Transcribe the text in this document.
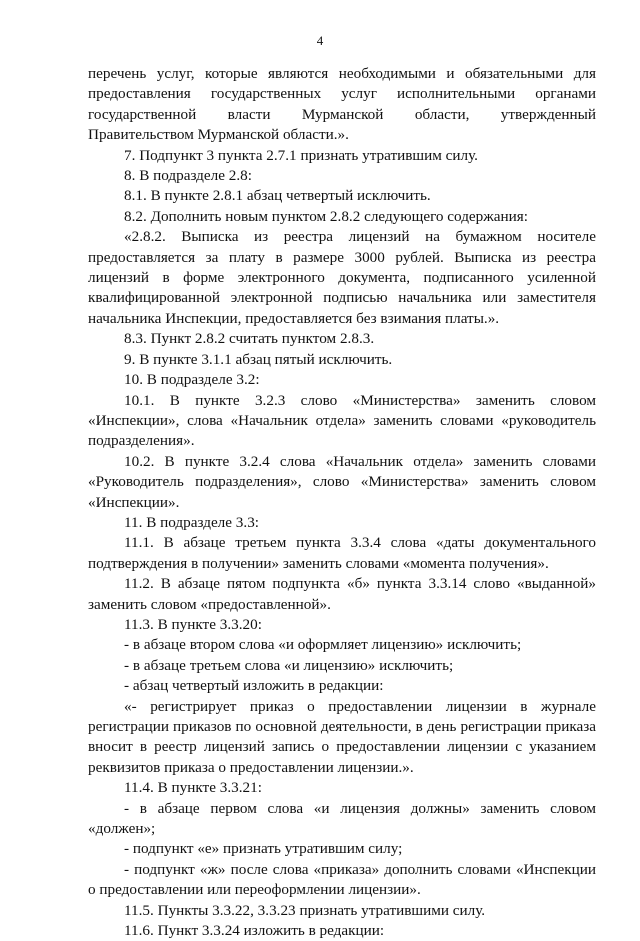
4
перечень услуг, которые являются необходимыми и обязательными для
предоставления государственных услуг исполнительными органами
государственной власти Мурманской области, утвержденный
Правительством Мурманской области.».
7. Подпункт 3 пункта 2.7.1 признать утратившим силу.
8. В подразделе 2.8:
8.1. В пункте 2.8.1 абзац четвертый исключить.
8.2. Дополнить новым пунктом 2.8.2 следующего содержания:
«2.8.2. Выписка из реестра лицензий на бумажном носителе
предоставляется за плату в размере 3000 рублей. Выписка из реестра
лицензий в форме электронного документа, подписанного усиленной
квалифицированной электронной подписью начальника или заместителя
начальника Инспекции, предоставляется без взимания платы.».
8.3. Пункт 2.8.2 считать пунктом 2.8.3.
9. В пункте 3.1.1 абзац пятый исключить.
10. В подразделе 3.2:
10.1. В пункте 3.2.3 слово «Министерства» заменить словом
«Инспекции», слова «Начальник отдела» заменить словами «руководитель
подразделения».
10.2. В пункте 3.2.4 слова «Начальник отдела» заменить словами
«Руководитель подразделения», слово «Министерства» заменить словом
«Инспекции».
11. В подразделе 3.3:
11.1. В абзаце третьем пункта 3.3.4 слова «даты документального
подтверждения в получении» заменить словами «момента получения».
11.2. В абзаце пятом подпункта «б» пункта 3.3.14 слово «выданной»
заменить словом «предоставленной».
11.3. В пункте 3.3.20:
- в абзаце втором слова «и оформляет лицензию» исключить;
- в абзаце третьем слова «и лицензию» исключить;
- абзац четвертый изложить в редакции:
«- регистрирует приказ о предоставлении лицензии в журнале
регистрации приказов по основной деятельности, в день регистрации приказа
вносит в реестр лицензий запись о предоставлении лицензии с указанием
реквизитов приказа о предоставлении лицензии.».
11.4. В пункте 3.3.21:
- в абзаце первом слова «и лицензия должны» заменить словом
«должен»;
- подпункт «е» признать утратившим силу;
- подпункт «ж» после слова «приказа» дополнить словами «Инспекции
о предоставлении или переоформлении лицензии».
11.5. Пункты 3.3.22, 3.3.23 признать утратившими силу.
11.6. Пункт 3.3.24 изложить в редакции:
